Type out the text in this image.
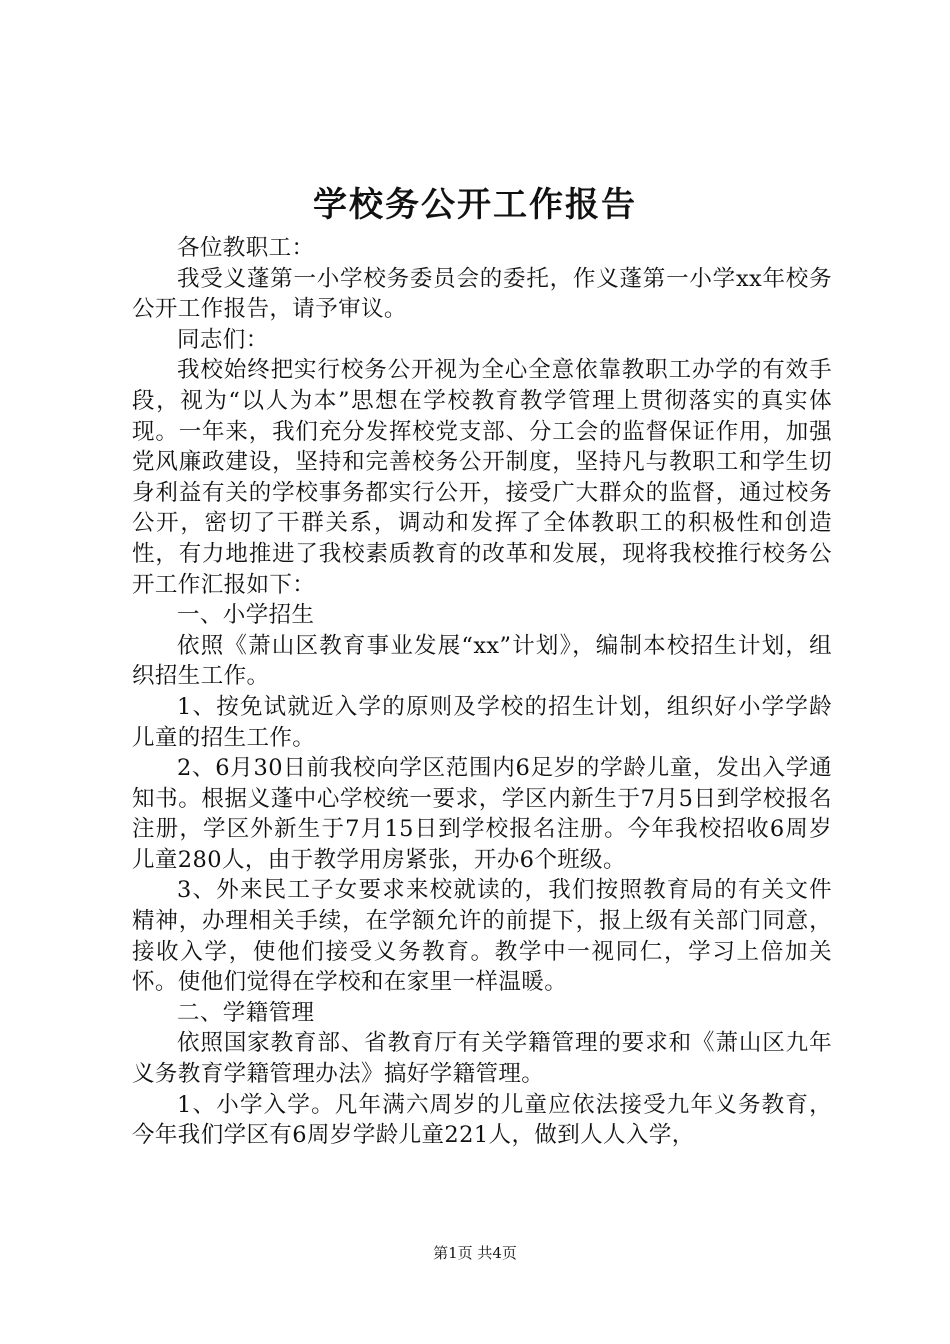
学校务公开工作报告

各位教职工：

我受义蓬第一小学校务委员会的委托，作义蓬第一小学xx年校务公开工作报告，请予审议。

同志们：

我校始终把实行校务公开视为全心全意依靠教职工办学的有效手段，视为“以人为本”思想在学校教育教学管理上贯彻落实的真实体现。一年来，我们充分发挥校党支部、分工会的监督保证作用，加强党风廉政建设，坚持和完善校务公开制度，坚持凡与教职工和学生切身利益有关的学校事务都实行公开，接受广大群众的监督，通过校务公开，密切了干群关系，调动和发挥了全体教职工的积极性和创造性，有力地推进了我校素质教育的改革和发展，现将我校推行校务公开工作汇报如下：

一、小学招生

依照《萧山区教育事业发展“xx”计划》，编制本校招生计划，组织招生工作。

1、按免试就近入学的原则及学校的招生计划，组织好小学学龄儿童的招生工作。

2、6月30日前我校向学区范围内6足岁的学龄儿童，发出入学通知书。根据义蓬中心学校统一要求，学区内新生于7月5日到学校报名注册，学区外新生于7月15日到学校报名注册。今年我校招收6周岁儿童280人，由于教学用房紧张，开办6个班级。

3、外来民工子女要求来校就读的，我们按照教育局的有关文件精神，办理相关手续，在学额允许的前提下，报上级有关部门同意，接收入学，使他们接受义务教育。教学中一视同仁，学习上倍加关怀。使他们觉得在学校和在家里一样温暖。

二、学籍管理

依照国家教育部、省教育厅有关学籍管理的要求和《萧山区九年义务教育学籍管理办法》搞好学籍管理。

1、小学入学。凡年满六周岁的儿童应依法接受九年义务教育，今年我们学区有6周岁学龄儿童221人，做到人人入学，

第1页 共4页
